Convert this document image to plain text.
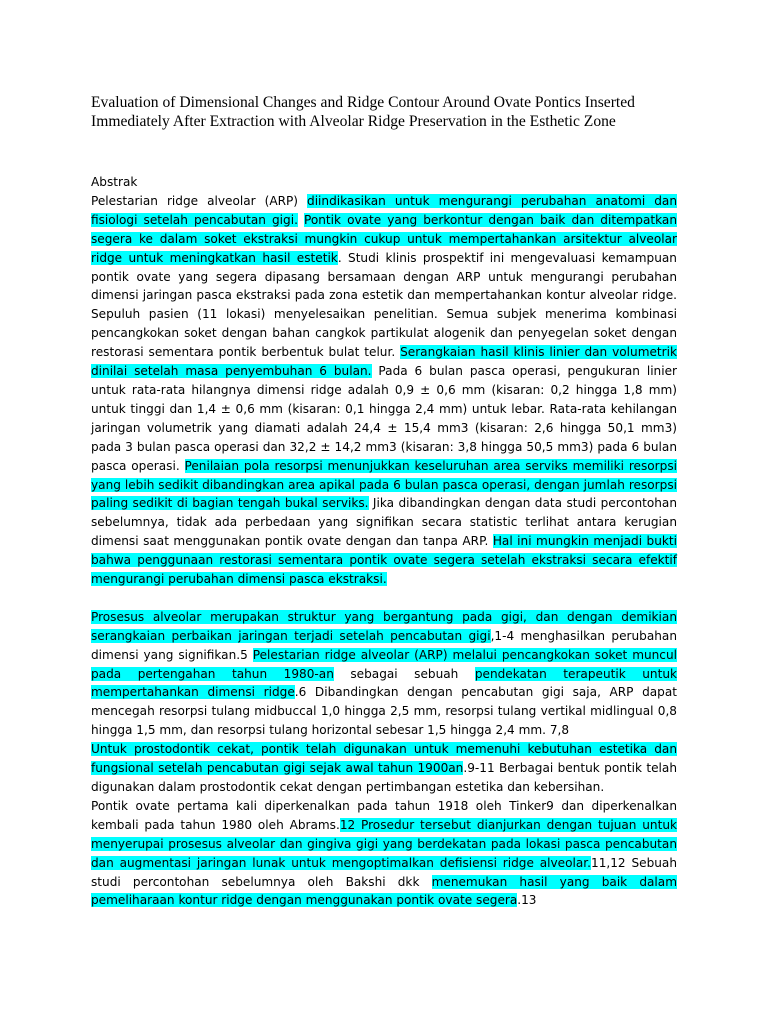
Evaluation of Dimensional Changes and Ridge Contour Around Ovate Pontics Inserted
Immediately After Extraction with Alveolar Ridge Preservation in the Esthetic Zone

Abstrak

Pelestarian ridge alveolar (ARP) diindikasikan untuk mengurangi perubahan anatomi dan fisiologi setelah pencabutan gigi. Pontik ovate yang berkontur dengan baik dan ditempatkan segera ke dalam soket ekstraksi mungkin cukup untuk mempertahankan arsitektur alveolar ridge untuk meningkatkan hasil estetik. Studi klinis prospektif ini mengevaluasi kemampuan pontik ovate yang segera dipasang bersamaan dengan ARP untuk mengurangi perubahan dimensi jaringan pasca ekstraksi pada zona estetik dan mempertahankan kontur alveolar ridge. Sepuluh pasien (11 lokasi) menyelesaikan penelitian. Semua subjek menerima kombinasi pencangkokan soket dengan bahan cangkok partikulat alogenik dan penyegelan soket dengan restorasi sementara pontik berbentuk bulat telur. Serangkaian hasil klinis linier dan volumetrik dinilai setelah masa penyembuhan 6 bulan. Pada 6 bulan pasca operasi, pengukuran linier untuk rata-rata hilangnya dimensi ridge adalah 0,9 ± 0,6 mm (kisaran: 0,2 hingga 1,8 mm) untuk tinggi dan 1,4 ± 0,6 mm (kisaran: 0,1 hingga 2,4 mm) untuk lebar. Rata-rata kehilangan jaringan volumetrik yang diamati adalah 24,4 ± 15,4 mm3 (kisaran: 2,6 hingga 50,1 mm3) pada 3 bulan pasca operasi dan 32,2 ± 14,2 mm3 (kisaran: 3,8 hingga 50,5 mm3) pada 6 bulan pasca operasi. Penilaian pola resorpsi menunjukkan keseluruhan area serviks memiliki resorpsi yang lebih sedikit dibandingkan area apikal pada 6 bulan pasca operasi, dengan jumlah resorpsi paling sedikit di bagian tengah bukal serviks. Jika dibandingkan dengan data studi percontohan sebelumnya, tidak ada perbedaan yang signifikan secara statistic terlihat antara kerugian dimensi saat menggunakan pontik ovate dengan dan tanpa ARP. Hal ini mungkin menjadi bukti bahwa penggunaan restorasi sementara pontik ovate segera setelah ekstraksi secara efektif mengurangi perubahan dimensi pasca ekstraksi.

Prosesus alveolar merupakan struktur yang bergantung pada gigi, dan dengan demikian serangkaian perbaikan jaringan terjadi setelah pencabutan gigi,1-4 menghasilkan perubahan dimensi yang signifikan.5 Pelestarian ridge alveolar (ARP) melalui pencangkokan soket muncul pada pertengahan tahun 1980-an sebagai sebuah pendekatan terapeutik untuk mempertahankan dimensi ridge.6 Dibandingkan dengan pencabutan gigi saja, ARP dapat mencegah resorpsi tulang midbuccal 1,0 hingga 2,5 mm, resorpsi tulang vertikal midlingual 0,8 hingga 1,5 mm, dan resorpsi tulang horizontal sebesar 1,5 hingga 2,4 mm. 7,8

Untuk prostodontik cekat, pontik telah digunakan untuk memenuhi kebutuhan estetika dan fungsional setelah pencabutan gigi sejak awal tahun 1900an.9-11 Berbagai bentuk pontik telah digunakan dalam prostodontik cekat dengan pertimbangan estetika dan kebersihan.

Pontik ovate pertama kali diperkenalkan pada tahun 1918 oleh Tinker9 dan diperkenalkan kembali pada tahun 1980 oleh Abrams.12 Prosedur tersebut dianjurkan dengan tujuan untuk menyerupai prosesus alveolar dan gingiva gigi yang berdekatan pada lokasi pasca pencabutan dan augmentasi jaringan lunak untuk mengoptimalkan defisiensi ridge alveolar.11,12 Sebuah studi percontohan sebelumnya oleh Bakshi dkk menemukan hasil yang baik dalam pemeliharaan kontur ridge dengan menggunakan pontik ovate segera.13
